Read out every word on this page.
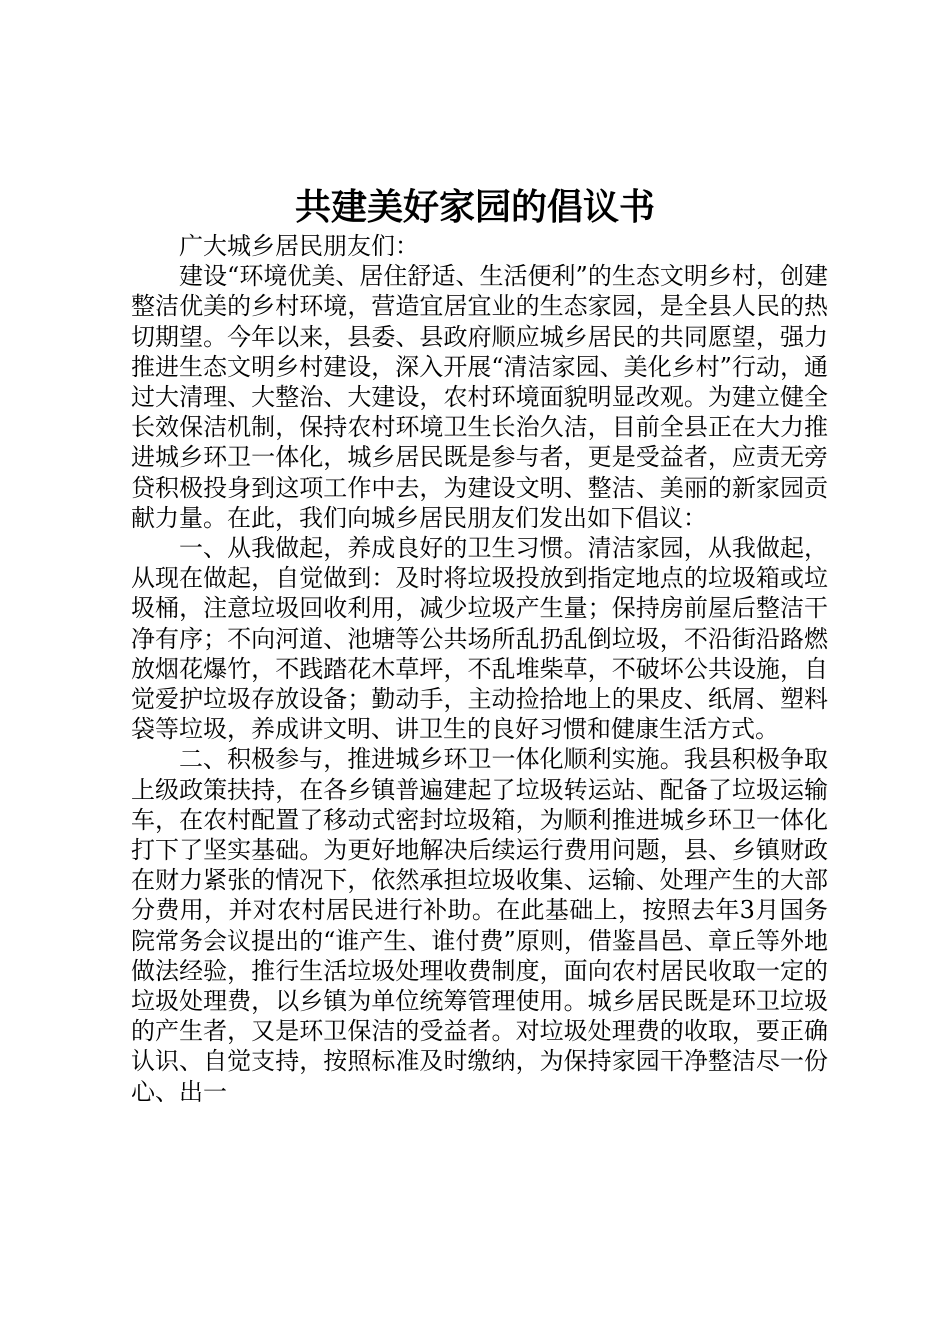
共建美好家园的倡议书

广大城乡居民朋友们：

建设“环境优美、居住舒适、生活便利”的生态文明乡村，创建整洁优美的乡村环境，营造宜居宜业的生态家园，是全县人民的热切期望。今年以来，县委、县政府顺应城乡居民的共同愿望，强力推进生态文明乡村建设，深入开展“清洁家园、美化乡村”行动，通过大清理、大整治、大建设，农村环境面貌明显改观。为建立健全长效保洁机制，保持农村环境卫生长治久洁，目前全县正在大力推进城乡环卫一体化，城乡居民既是参与者，更是受益者，应责无旁贷积极投身到这项工作中去，为建设文明、整洁、美丽的新家园贡献力量。在此，我们向城乡居民朋友们发出如下倡议：

一、从我做起，养成良好的卫生习惯。清洁家园，从我做起，从现在做起，自觉做到：及时将垃圾投放到指定地点的垃圾箱或垃圾桶，注意垃圾回收利用，减少垃圾产生量；保持房前屋后整洁干净有序；不向河道、池塘等公共场所乱扔乱倒垃圾，不沿街沿路燃放烟花爆竹，不践踏花木草坪，不乱堆柴草，不破坏公共设施，自觉爱护垃圾存放设备；勤动手，主动捡拾地上的果皮、纸屑、塑料袋等垃圾，养成讲文明、讲卫生的良好习惯和健康生活方式。

二、积极参与，推进城乡环卫一体化顺利实施。我县积极争取上级政策扶持，在各乡镇普遍建起了垃圾转运站、配备了垃圾运输车，在农村配置了移动式密封垃圾箱，为顺利推进城乡环卫一体化打下了坚实基础。为更好地解决后续运行费用问题，县、乡镇财政在财力紧张的情况下，依然承担垃圾收集、运输、处理产生的大部分费用，并对农村居民进行补助。在此基础上，按照去年3月国务院常务会议提出的“谁产生、谁付费”原则，借鉴昌邑、章丘等外地做法经验，推行生活垃圾处理收费制度，面向农村居民收取一定的垃圾处理费，以乡镇为单位统筹管理使用。城乡居民既是环卫垃圾的产生者，又是环卫保洁的受益者。对垃圾处理费的收取，要正确认识、自觉支持，按照标准及时缴纳，为保持家园干净整洁尽一份心、出一
